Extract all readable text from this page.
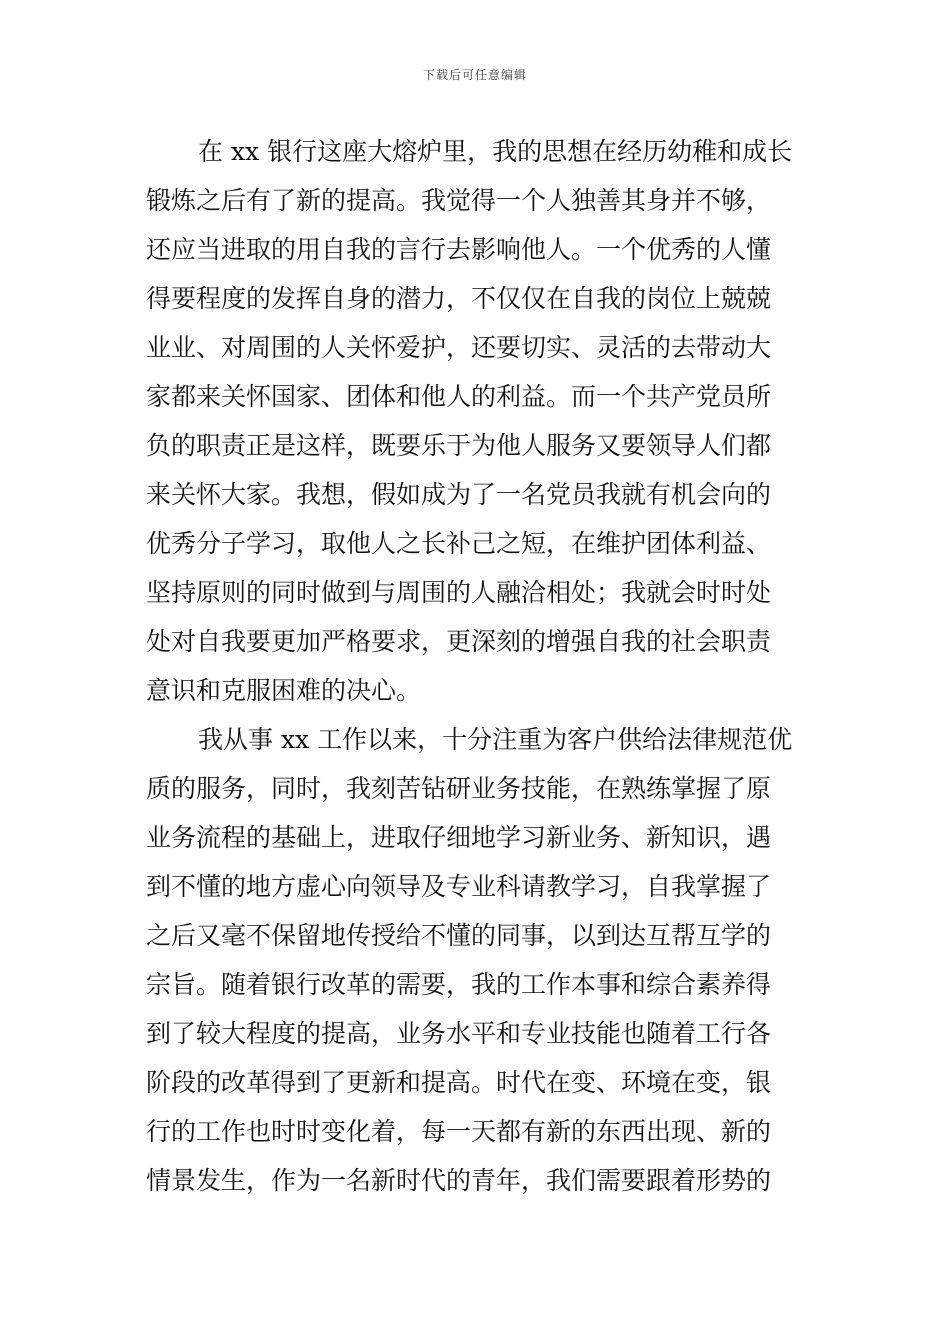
下载后可任意编辑
在 xx 银行这座大熔炉里，我的思想在经历幼稚和成长
锻炼之后有了新的提高。我觉得一个人独善其身并不够，
还应当进取的用自我的言行去影响他人。一个优秀的人懂
得要程度的发挥自身的潜力，不仅仅在自我的岗位上兢兢
业业、对周围的人关怀爱护，还要切实、灵活的去带动大
家都来关怀国家、团体和他人的利益。而一个共产党员所
负的职责正是这样，既要乐于为他人服务又要领导人们都
来关怀大家。我想，假如成为了一名党员我就有机会向的
优秀分子学习，取他人之长补己之短，在维护团体利益、
坚持原则的同时做到与周围的人融洽相处；我就会时时处
处对自我要更加严格要求，更深刻的增强自我的社会职责
意识和克服困难的决心。
我从事 xx 工作以来，十分注重为客户供给法律规范优
质的服务，同时，我刻苦钻研业务技能，在熟练掌握了原
业务流程的基础上，进取仔细地学习新业务、新知识，遇
到不懂的地方虚心向领导及专业科请教学习，自我掌握了
之后又毫不保留地传授给不懂的同事，以到达互帮互学的
宗旨。随着银行改革的需要，我的工作本事和综合素养得
到了较大程度的提高，业务水平和专业技能也随着工行各
阶段的改革得到了更新和提高。时代在变、环境在变，银
行的工作也时时变化着，每一天都有新的东西出现、新的
情景发生，作为一名新时代的青年，我们需要跟着形势的
